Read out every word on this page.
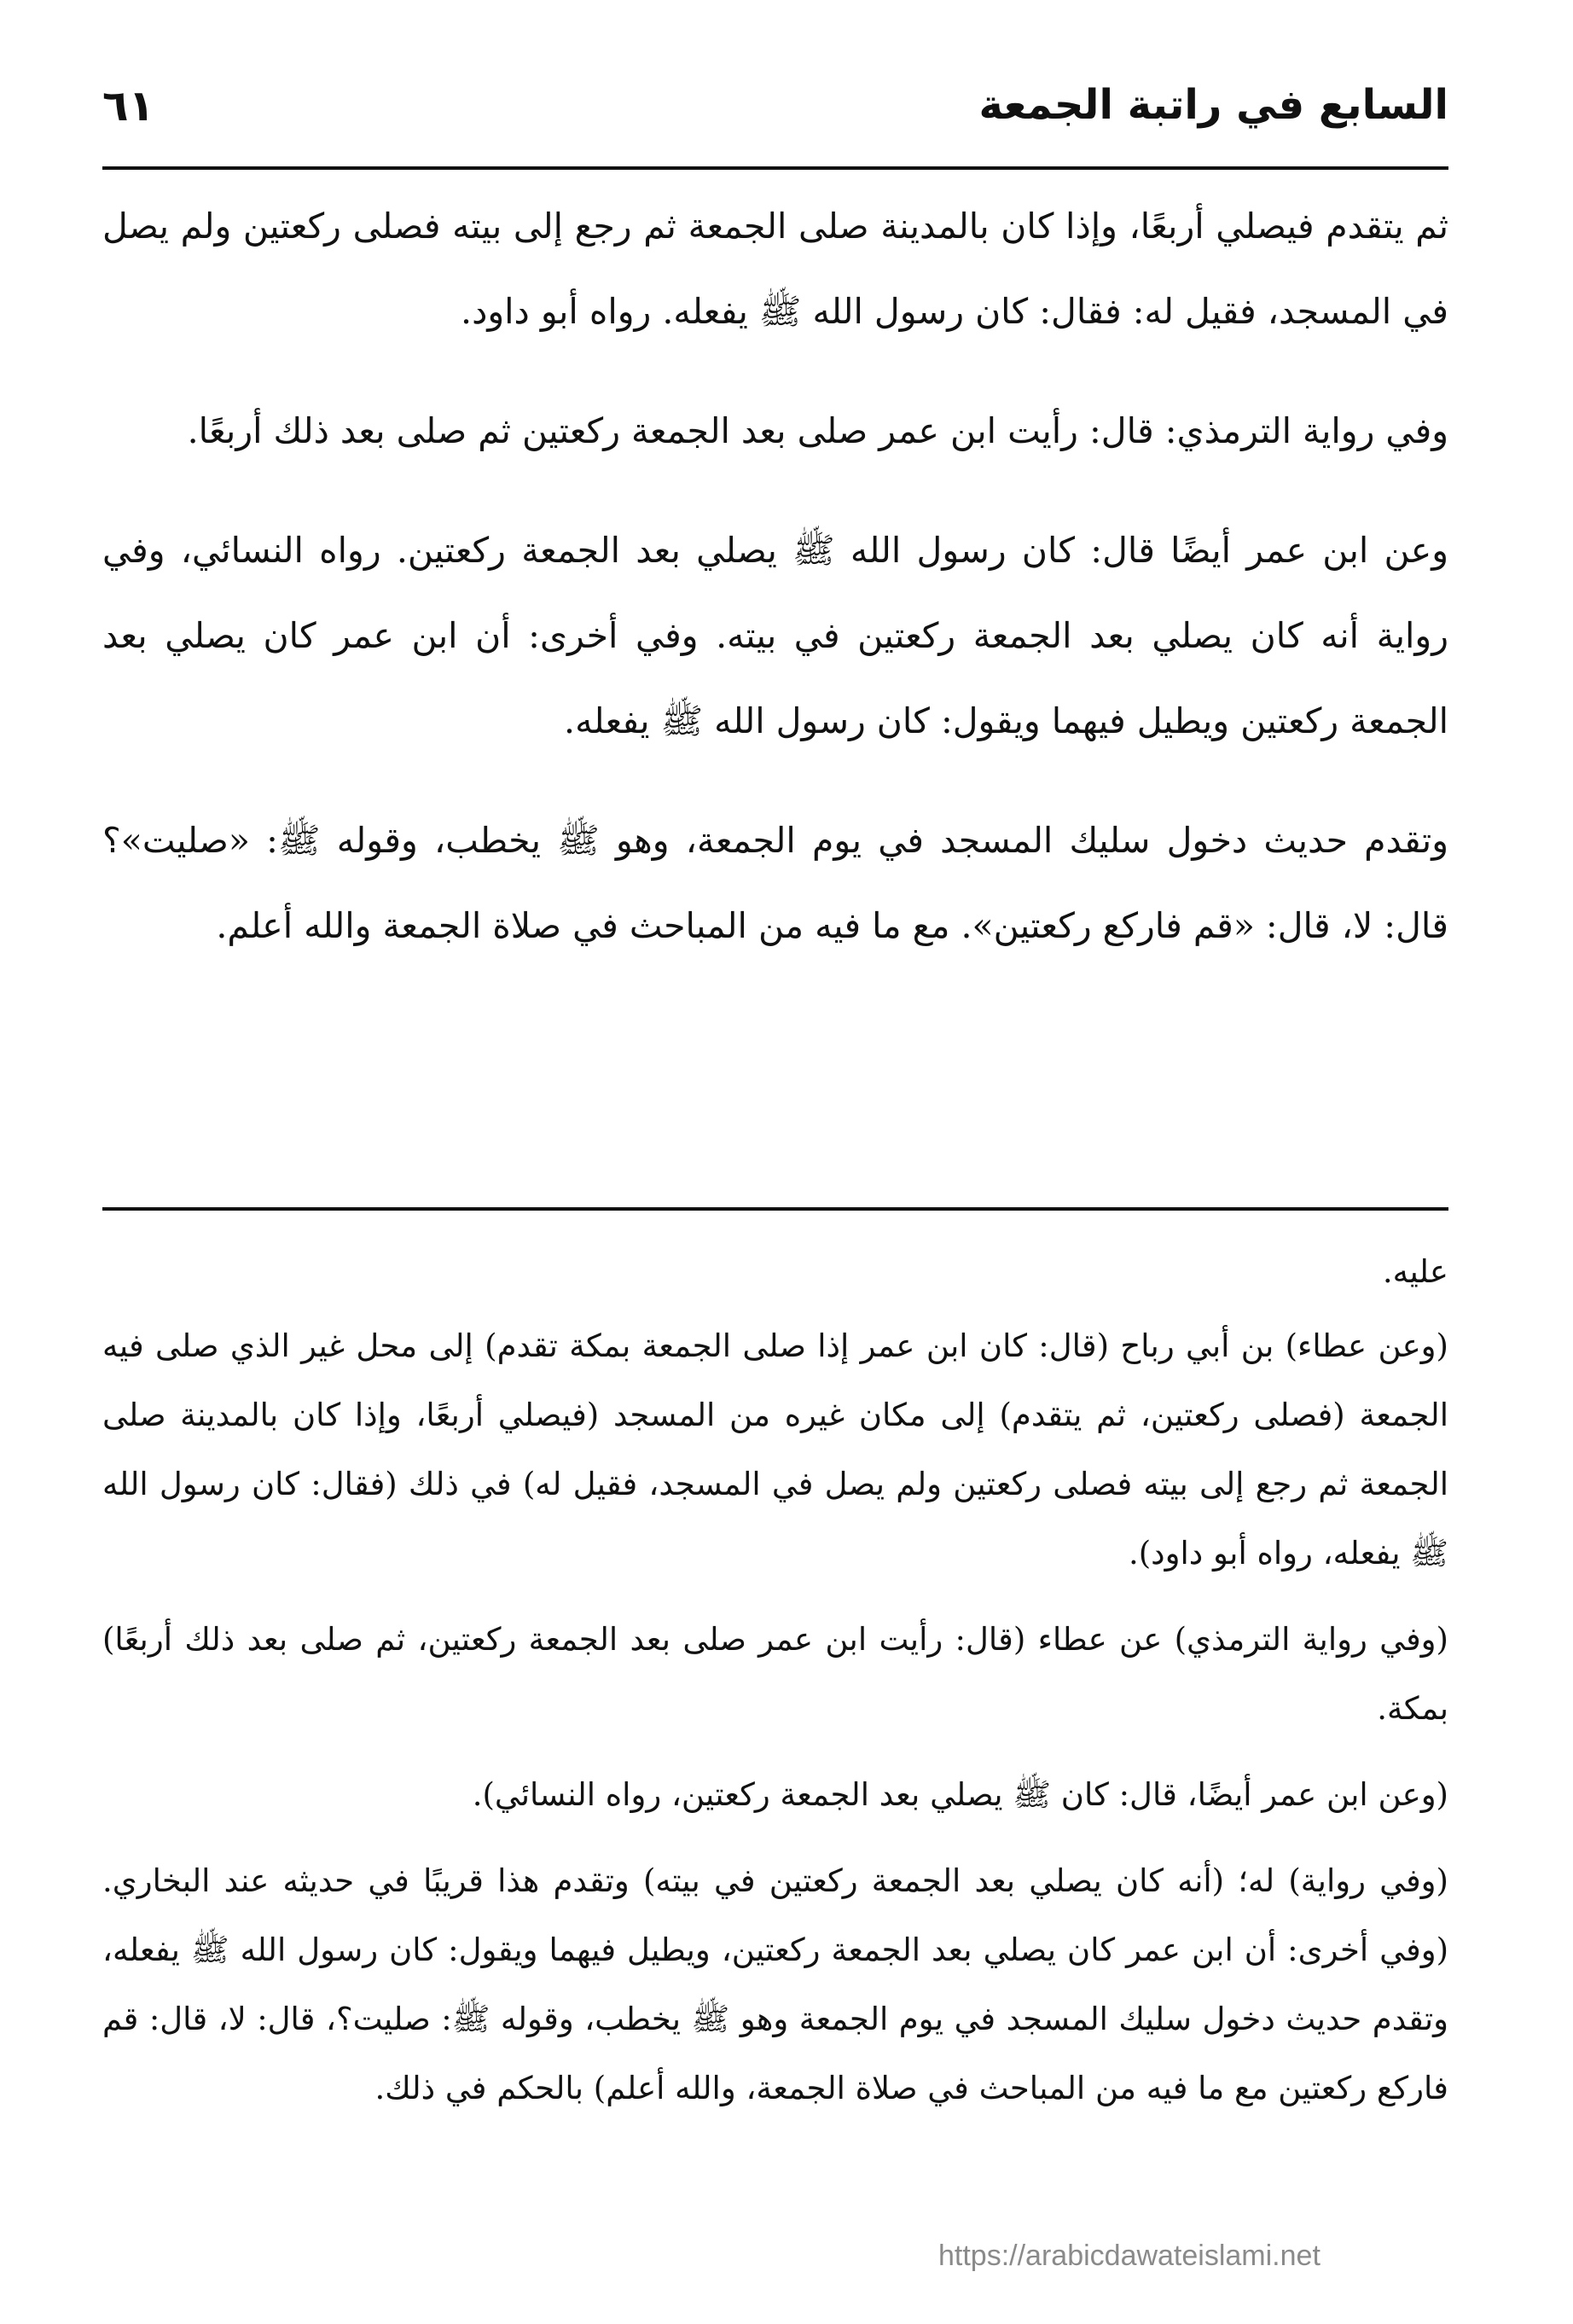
السابع في راتبة الجمعة
٦١

ثم يتقدم فيصلي أربعًا، وإذا كان بالمدينة صلى الجمعة ثم رجع إلى بيته فصلى ركعتين ولم يصل في المسجد، فقيل له: فقال: كان رسول الله ﷺ يفعله. رواه أبو داود.

وفي رواية الترمذي: قال: رأيت ابن عمر صلى بعد الجمعة ركعتين ثم صلى بعد ذلك أربعًا.

وعن ابن عمر أيضًا قال: كان رسول الله ﷺ يصلي بعد الجمعة ركعتين. رواه النسائي، وفي رواية أنه كان يصلي بعد الجمعة ركعتين في بيته. وفي أخرى: أن ابن عمر كان يصلي بعد الجمعة ركعتين ويطيل فيهما ويقول: كان رسول الله ﷺ يفعله.

وتقدم حديث دخول سليك المسجد في يوم الجمعة، وهو ﷺ يخطب، وقوله ﷺ: «صليت»؟ قال: لا، قال: «قم فاركع ركعتين». مع ما فيه من المباحث في صلاة الجمعة والله أعلم.

عليه.

(وعن عطاء) بن أبي رباح (قال: كان ابن عمر إذا صلى الجمعة بمكة تقدم) إلى محل غير الذي صلى فيه الجمعة (فصلى ركعتين، ثم يتقدم) إلى مكان غيره من المسجد (فيصلي أربعًا، وإذا كان بالمدينة صلى الجمعة ثم رجع إلى بيته فصلى ركعتين ولم يصل في المسجد، فقيل له) في ذلك (فقال: كان رسول الله ﷺ يفعله، رواه أبو داود).

(وفي رواية الترمذي) عن عطاء (قال: رأيت ابن عمر صلى بعد الجمعة ركعتين، ثم صلى بعد ذلك أربعًا) بمكة.

(وعن ابن عمر أيضًا، قال: كان ﷺ يصلي بعد الجمعة ركعتين، رواه النسائي).

(وفي رواية) له؛ (أنه كان يصلي بعد الجمعة ركعتين في بيته) وتقدم هذا قريبًا في حديثه عند البخاري. (وفي أخرى: أن ابن عمر كان يصلي بعد الجمعة ركعتين، ويطيل فيهما ويقول: كان رسول الله ﷺ يفعله، وتقدم حديث دخول سليك المسجد في يوم الجمعة وهو ﷺ يخطب، وقوله ﷺ: صليت؟، قال: لا، قال: قم فاركع ركعتين مع ما فيه من المباحث في صلاة الجمعة، والله أعلم) بالحكم في ذلك.

https://arabicdawateislami.net
